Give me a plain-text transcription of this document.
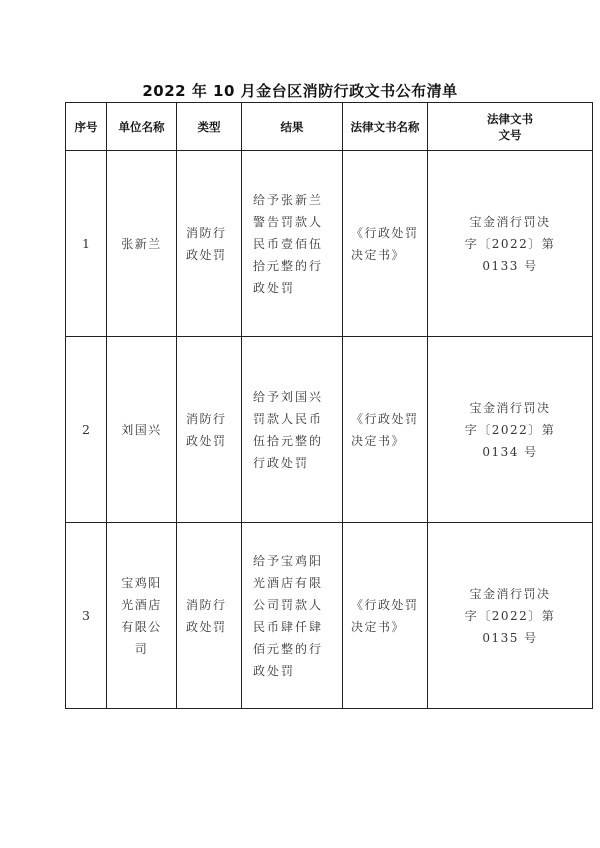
2022 年 10 月金台区消防行政文书公布清单
序号	单位名称	类型	结果	法律文书名称	法律文书
文号
1	张新兰	消防行政处罚	给予张新兰警告罚款人民币壹佰伍拾元整的行政处罚	《行政处罚决定书》	宝金消行罚决字〔2022〕第0133 号
2	刘国兴	消防行政处罚	给予刘国兴罚款人民币伍拾元整的行政处罚	《行政处罚决定书》	宝金消行罚决字〔2022〕第0134 号
3	宝鸡阳光酒店有限公司	消防行政处罚	给予宝鸡阳光酒店有限公司罚款人民币肆仟肆佰元整的行政处罚	《行政处罚决定书》	宝金消行罚决字〔2022〕第0135 号
